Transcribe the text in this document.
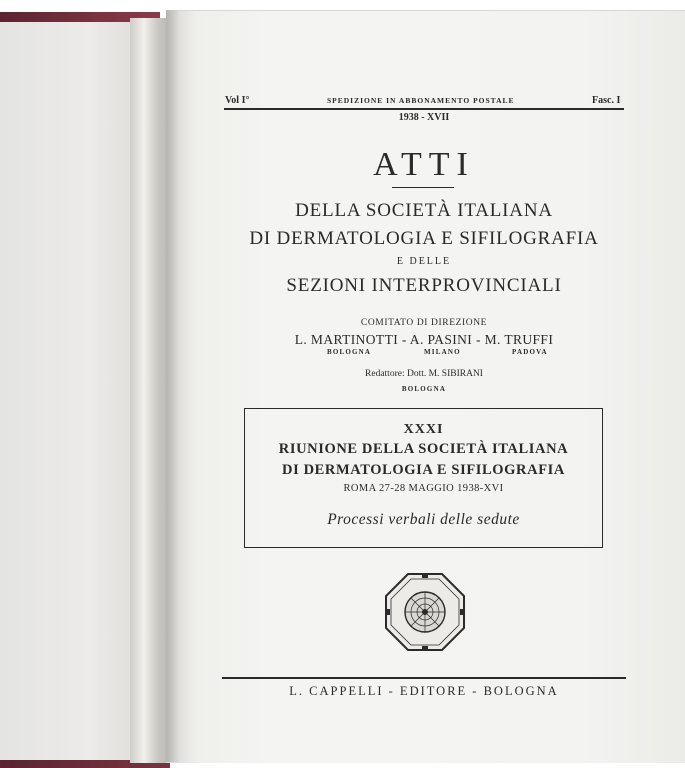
Vol I°	SPEDIZIONE IN ABBONAMENTO POSTALE	Fasc. I
1938 - XVII
ATTI
DELLA SOCIETÀ ITALIANA
DI DERMATOLOGIA E SIFILOGRAFIA
E DELLE
SEZIONI INTERPROVINCIALI
COMITATO DI DIREZIONE
L. MARTINOTTI - A. PASINI - M. TRUFFI
BOLOGNA	MILANO	PADOVA
Redattore: Dott. M. SIBIRANI
BOLOGNA
XXXI
RIUNIONE DELLA SOCIETÀ ITALIANA
DI DERMATOLOGIA E SIFILOGRAFIA
ROMA 27-28 MAGGIO 1938-XVI
Processi verbali delle sedute
L. CAPPELLI - EDITORE - BOLOGNA
